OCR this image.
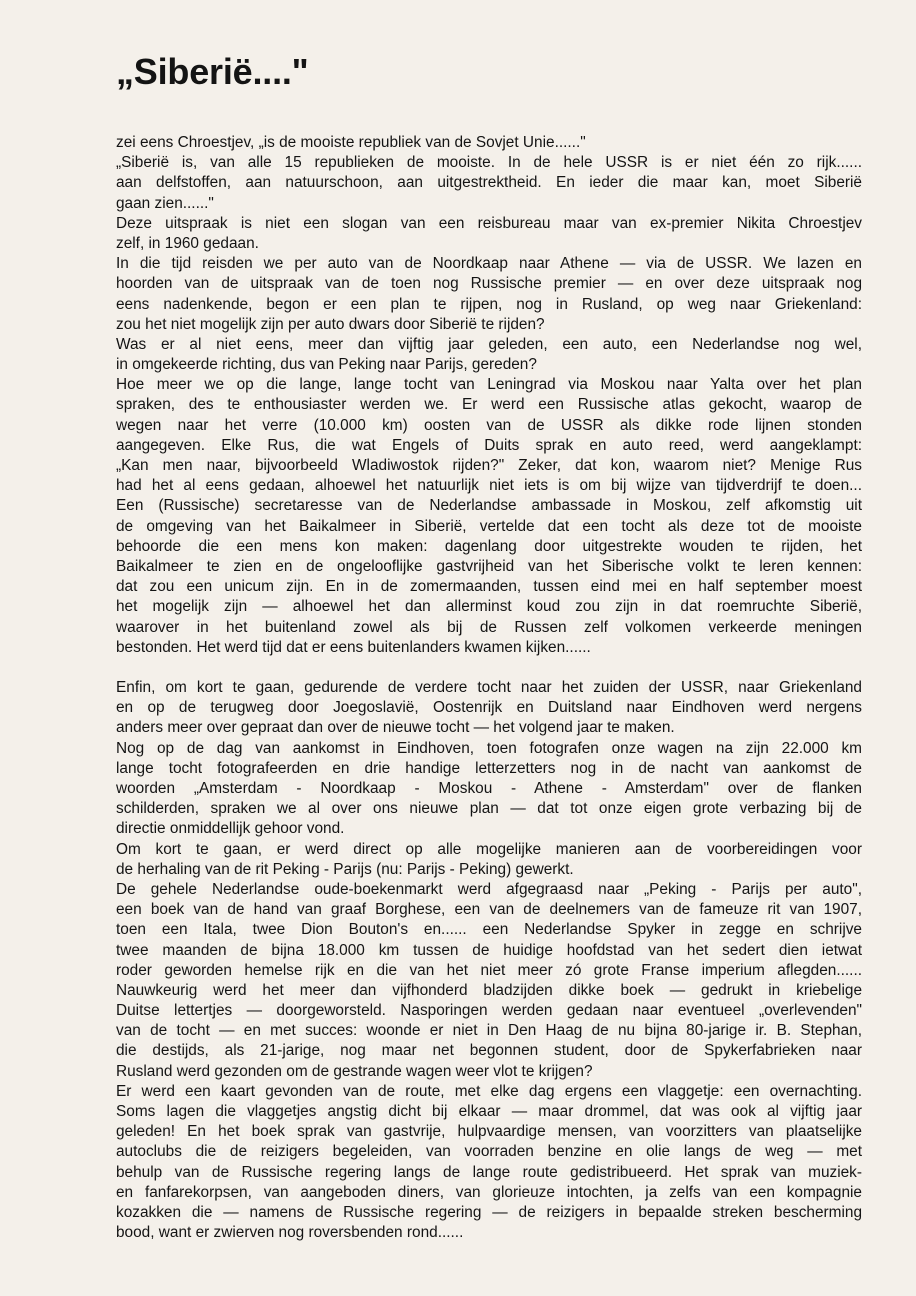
„Siberië...."
zei eens Chroestjev, „is de mooiste republiek van de Sovjet Unie......"
„Siberië is, van alle 15 republieken de mooiste. In de hele USSR is er niet één zo rijk......
aan delfstoffen, aan natuurschoon, aan uitgestrektheid. En ieder die maar kan, moet Siberië
gaan zien......"
Deze uitspraak is niet een slogan van een reisbureau maar van ex-premier Nikita Chroestjev
zelf, in 1960 gedaan.
In die tijd reisden we per auto van de Noordkaap naar Athene — via de USSR. We lazen en
hoorden van de uitspraak van de toen nog Russische premier — en over deze uitspraak nog
eens nadenkende, begon er een plan te rijpen, nog in Rusland, op weg naar Griekenland:
zou het niet mogelijk zijn per auto dwars door Siberië te rijden?
Was er al niet eens, meer dan vijftig jaar geleden, een auto, een Nederlandse nog wel,
in omgekeerde richting, dus van Peking naar Parijs, gereden?
Hoe meer we op die lange, lange tocht van Leningrad via Moskou naar Yalta over het plan
spraken, des te enthousiaster werden we. Er werd een Russische atlas gekocht, waarop de
wegen naar het verre (10.000 km) oosten van de USSR als dikke rode lijnen stonden
aangegeven. Elke Rus, die wat Engels of Duits sprak en auto reed, werd aangeklampt:
„Kan men naar, bijvoorbeeld Wladiwostok rijden?" Zeker, dat kon, waarom niet? Menige Rus
had het al eens gedaan, alhoewel het natuurlijk niet iets is om bij wijze van tijdverdrijf te doen...
Een (Russische) secretaresse van de Nederlandse ambassade in Moskou, zelf afkomstig uit
de omgeving van het Baikalmeer in Siberië, vertelde dat een tocht als deze tot de mooiste
behoorde die een mens kon maken: dagenlang door uitgestrekte wouden te rijden, het
Baikalmeer te zien en de ongelooflijke gastvrijheid van het Siberische volkt te leren kennen:
dat zou een unicum zijn. En in de zomermaanden, tussen eind mei en half september moest
het mogelijk zijn — alhoewel het dan allerminst koud zou zijn in dat roemruchte Siberië,
waarover in het buitenland zowel als bij de Russen zelf volkomen verkeerde meningen
bestonden. Het werd tijd dat er eens buitenlanders kwamen kijken......
Enfin, om kort te gaan, gedurende de verdere tocht naar het zuiden der USSR, naar Griekenland
en op de terugweg door Joegoslavië, Oostenrijk en Duitsland naar Eindhoven werd nergens
anders meer over gepraat dan over de nieuwe tocht — het volgend jaar te maken.
Nog op de dag van aankomst in Eindhoven, toen fotografen onze wagen na zijn 22.000 km
lange tocht fotografeerden en drie handige letterzetters nog in de nacht van aankomst de
woorden „Amsterdam - Noordkaap - Moskou - Athene - Amsterdam" over de flanken
schilderden, spraken we al over ons nieuwe plan — dat tot onze eigen grote verbazing bij de
directie onmiddellijk gehoor vond.
Om kort te gaan, er werd direct op alle mogelijke manieren aan de voorbereidingen voor
de herhaling van de rit Peking - Parijs (nu: Parijs - Peking) gewerkt.
De gehele Nederlandse oude-boekenmarkt werd afgegraasd naar „Peking - Parijs per auto",
een boek van de hand van graaf Borghese, een van de deelnemers van de fameuze rit van 1907,
toen een Itala, twee Dion Bouton's en...... een Nederlandse Spyker in zegge en schrijve
twee maanden de bijna 18.000 km tussen de huidige hoofdstad van het sedert dien ietwat
roder geworden hemelse rijk en die van het niet meer zó grote Franse imperium aflegden......
Nauwkeurig werd het meer dan vijfhonderd bladzijden dikke boek — gedrukt in kriebelige
Duitse lettertjes — doorgeworsteld. Nasporingen werden gedaan naar eventueel „overlevenden"
van de tocht — en met succes: woonde er niet in Den Haag de nu bijna 80-jarige ir. B. Stephan,
die destijds, als 21-jarige, nog maar net begonnen student, door de Spykerfabrieken naar
Rusland werd gezonden om de gestrande wagen weer vlot te krijgen?
Er werd een kaart gevonden van de route, met elke dag ergens een vlaggetje: een overnachting.
Soms lagen die vlaggetjes angstig dicht bij elkaar — maar drommel, dat was ook al vijftig jaar
geleden! En het boek sprak van gastvrije, hulpvaardige mensen, van voorzitters van plaatselijke
autoclubs die de reizigers begeleiden, van voorraden benzine en olie langs de weg — met
behulp van de Russische regering langs de lange route gedistribueerd. Het sprak van muziek-
en fanfarekorpsen, van aangeboden diners, van glorieuze intochten, ja zelfs van een kompagnie
kozakken die — namens de Russische regering — de reizigers in bepaalde streken bescherming
bood, want er zwierven nog roversbenden rond......
